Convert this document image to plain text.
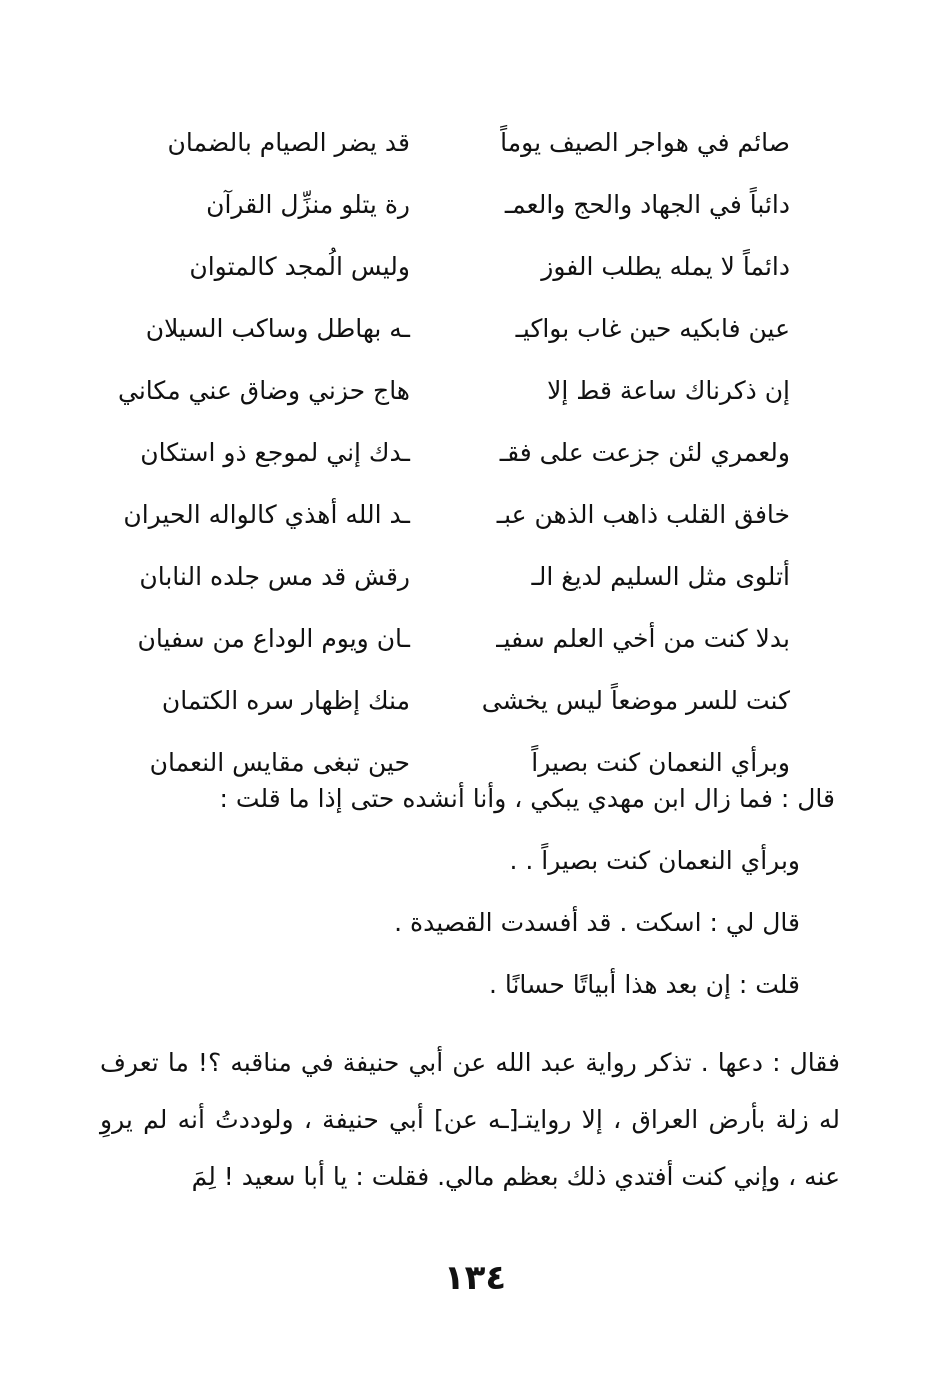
صائم في هواجر الصيف يوماً
قد يضر الصيام بالضمان
دائباً في الجهاد والحج والعمـ
رة يتلو منزِّل القرآن
دائماً لا يمله يطلب الفوز
وليس الُمجد كالمتوان
عين فابكيه حين غاب بواكيـ
ـه بهاطل وساكب السيلان
إن ذكرناك ساعة قط إلا
هاج حزني وضاق عني مكاني
ولعمري لئن جزعت على فقـ
ـدك إني لموجع ذو استكان
خافق القلب ذاهب الذهن عبـ
ـد الله أهذي كالواله الحيران
أتلوى مثل السليم لديغ الـ
رقش قد مس جلده النابان
بدلا كنت من أخي العلم سفيـ
ـان ويوم الوداع من سفيان
كنت للسر موضعاً ليس يخشى
منك إظهار سره الكتمان
وبرأي النعمان كنت بصيراً
حين تبغى مقايس النعمان
قال : فما زال ابن مهدي يبكي ، وأنا أنشده حتى إذا ما قلت :
وبرأي النعمان كنت بصيراً . .
قال لي : اسكت . قد أفسدت القصيدة .
قلت : إن بعد هذا أبياتًا حسانًا .
فقال : دعها . تذكر رواية عبد الله عن أبي حنيفة في مناقبه ؟! ما تعرف له زلة بأرض العراق ، إلا روايتـ[ـه عن] أبي حنيفة ، ولوددتُ أنه لم يروِ عنه ، وإني كنت أفتدي ذلك بعظم مالي. فقلت : يا أبا سعيد ! لِمَ
١٣٤
